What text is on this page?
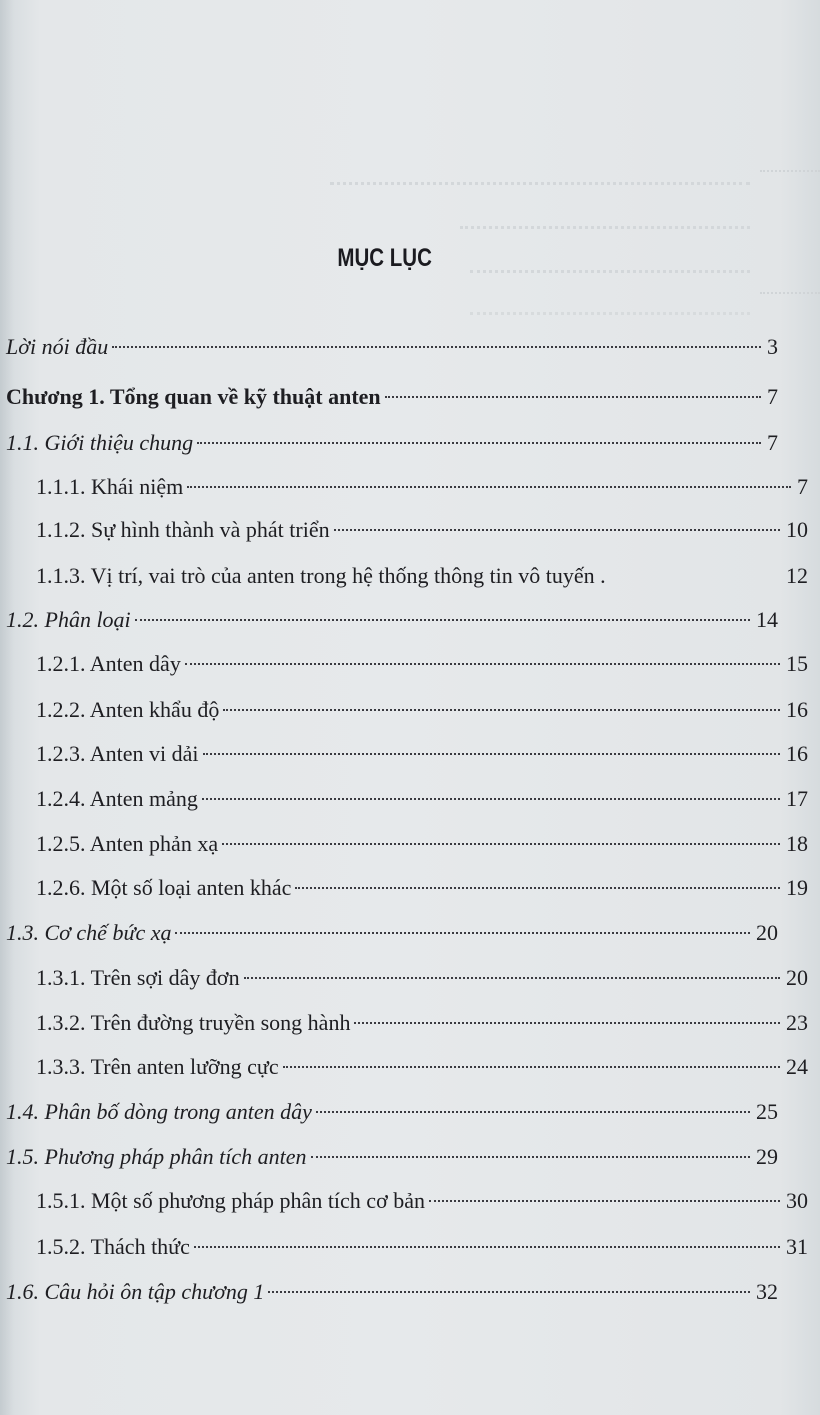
MỤC LỤC
Lời nói đầu	3
Chương 1. Tổng quan về kỹ thuật anten	7
1.1. Giới thiệu chung	7
1.1.1. Khái niệm	7
1.1.2. Sự hình thành và phát triển	10
1.1.3. Vị trí, vai trò của anten trong hệ thống thông tin vô tuyến .	12
1.2. Phân loại	14
1.2.1. Anten dây	15
1.2.2. Anten khẩu độ	16
1.2.3. Anten vi dải	16
1.2.4. Anten mảng	17
1.2.5. Anten phản xạ	18
1.2.6. Một số loại anten khác	19
1.3. Cơ chế bức xạ	20
1.3.1. Trên sợi dây đơn	20
1.3.2. Trên đường truyền song hành	23
1.3.3. Trên anten lưỡng cực	24
1.4. Phân bố dòng trong anten dây	25
1.5. Phương pháp phân tích anten	29
1.5.1. Một số phương pháp phân tích cơ bản	30
1.5.2. Thách thức	31
1.6. Câu hỏi ôn tập chương 1	32
